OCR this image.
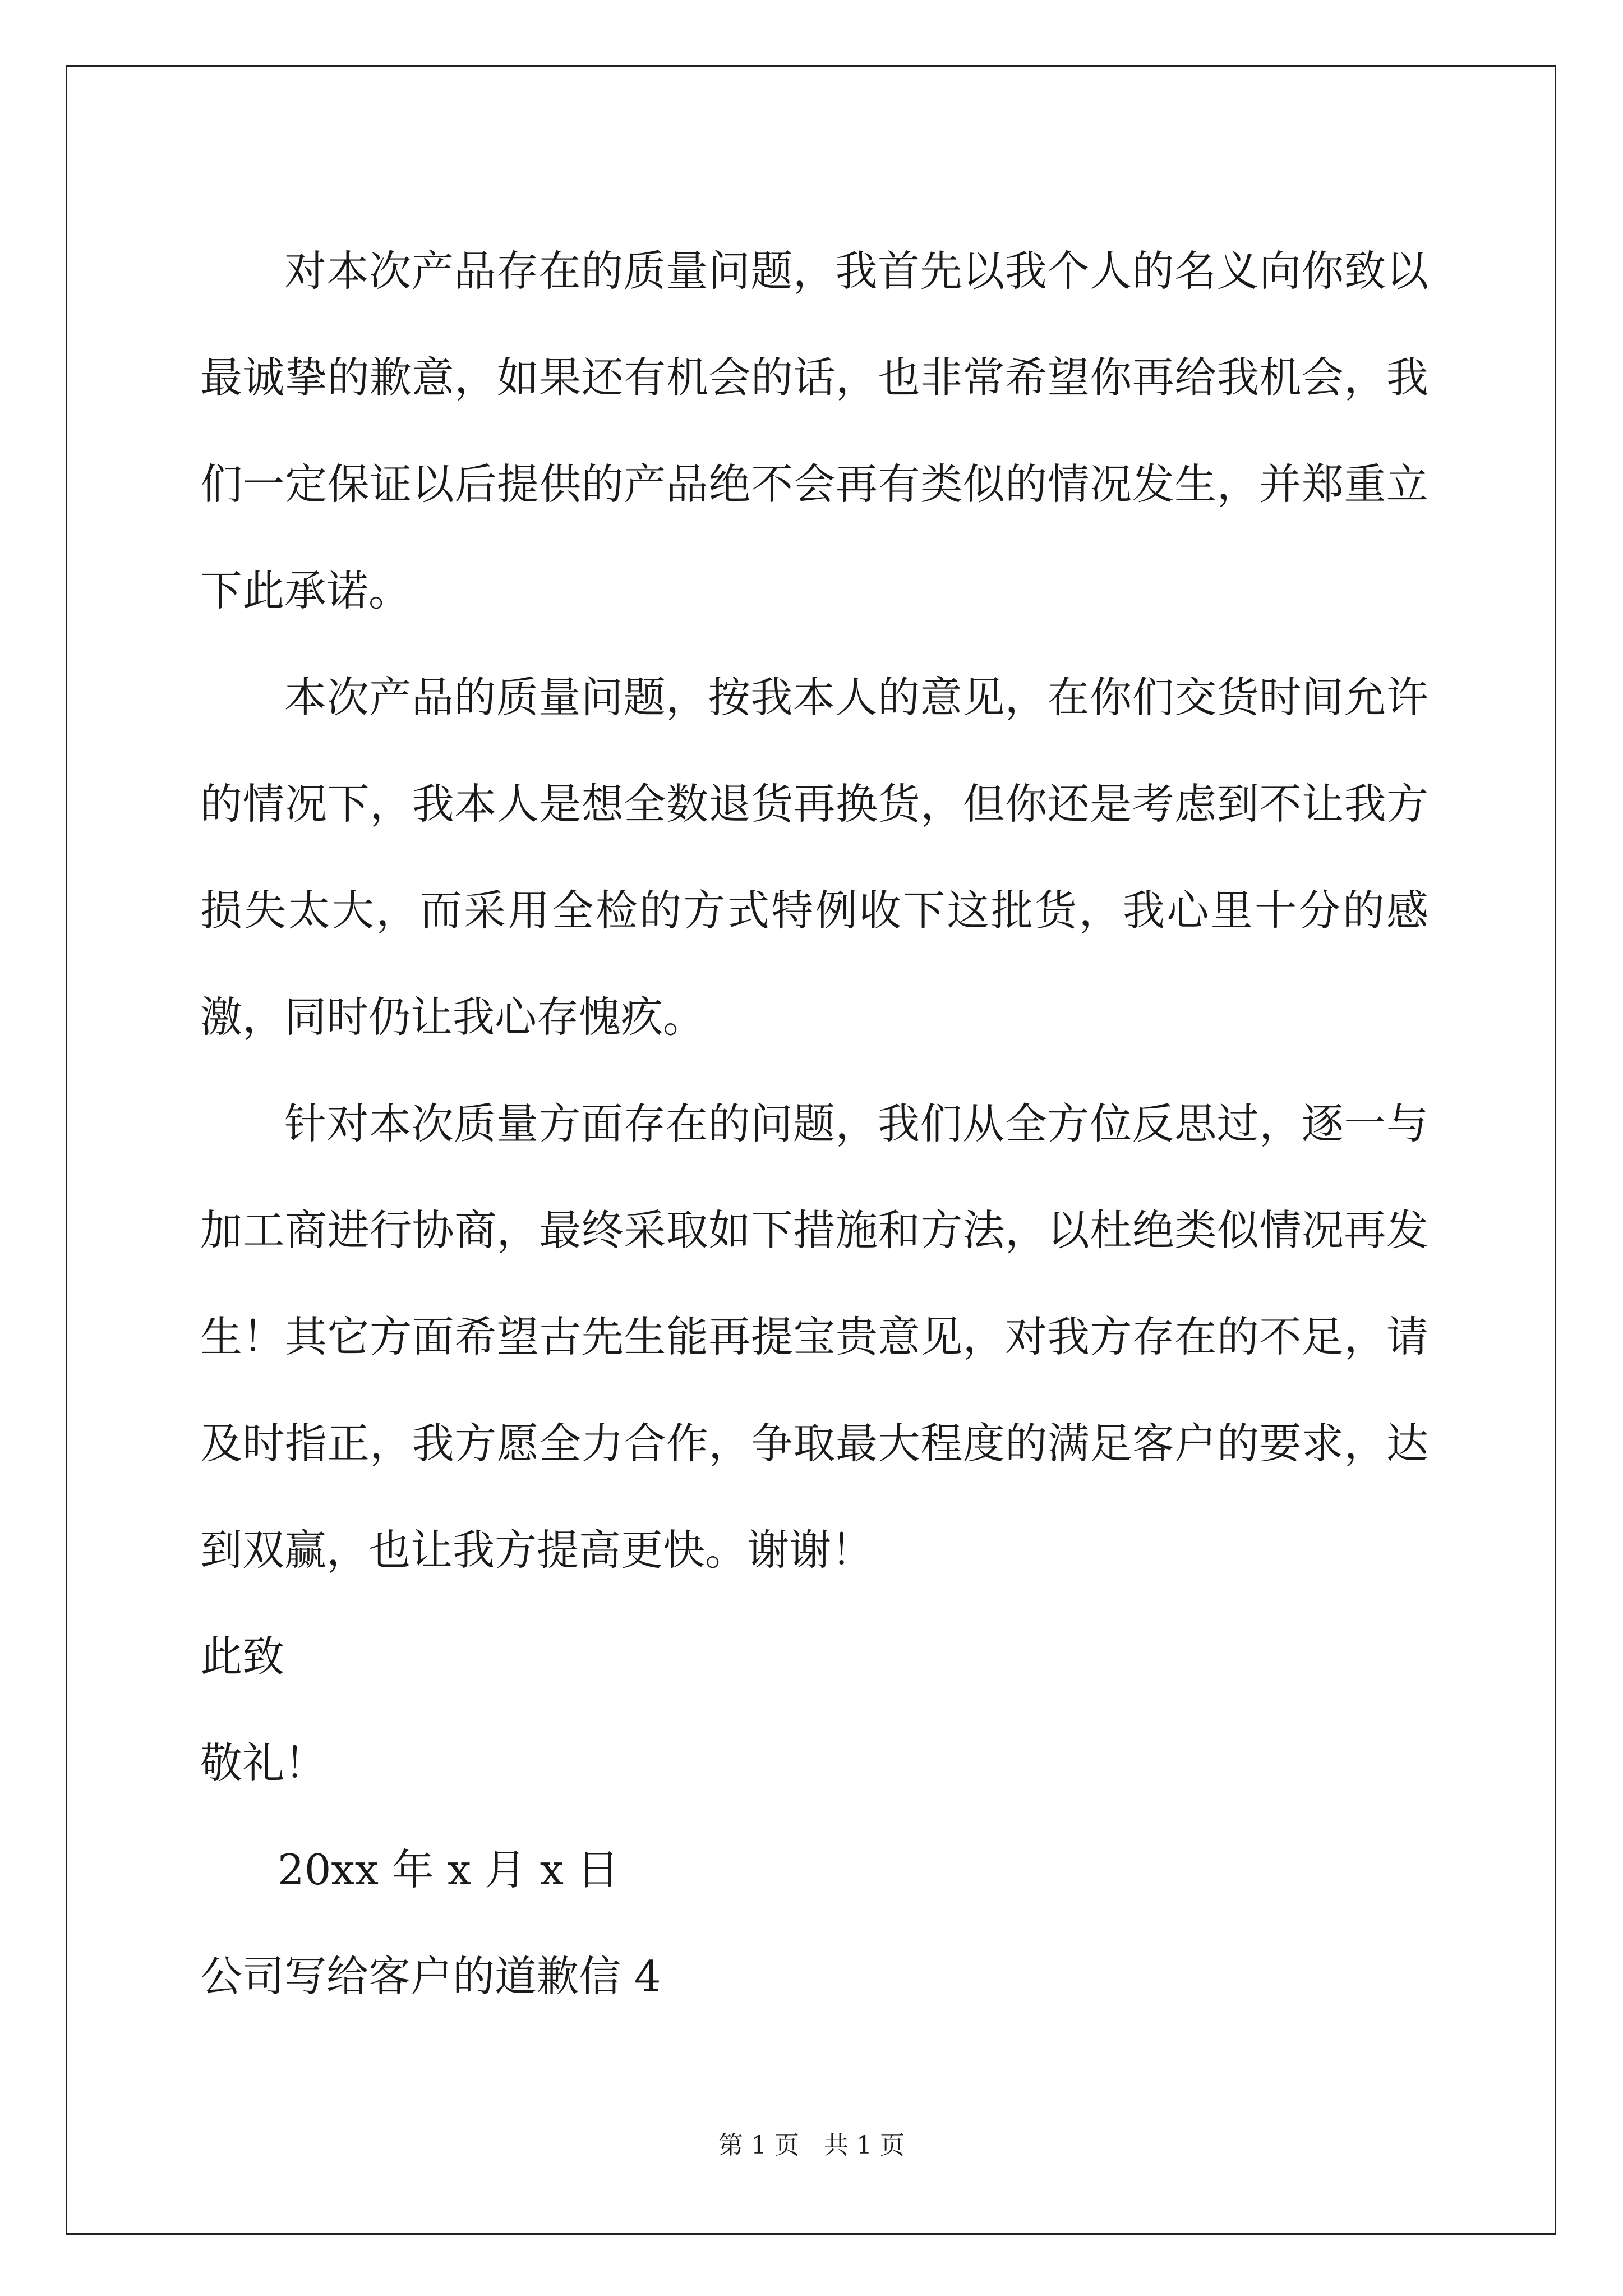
对本次产品存在的质量问题，我首先以我个人的名义向你致以最诚挚的歉意，如果还有机会的话，也非常希望你再给我机会，我们一定保证以后提供的产品绝不会再有类似的情况发生，并郑重立下此承诺。

本次产品的质量问题，按我本人的意见，在你们交货时间允许的情况下，我本人是想全数退货再换货，但你还是考虑到不让我方损失太大，而采用全检的方式特例收下这批货，我心里十分的感激，同时仍让我心存愧疚。

针对本次质量方面存在的问题，我们从全方位反思过，逐一与加工商进行协商，最终采取如下措施和方法，以杜绝类似情况再发生！其它方面希望古先生能再提宝贵意见，对我方存在的不足，请及时指正，我方愿全力合作，争取最大程度的满足客户的要求，达到双赢，也让我方提高更快。谢谢！

此致

敬礼！

20xx 年 x 月 x 日

公司写给客户的道歉信 4

第 1 页　共 1 页
